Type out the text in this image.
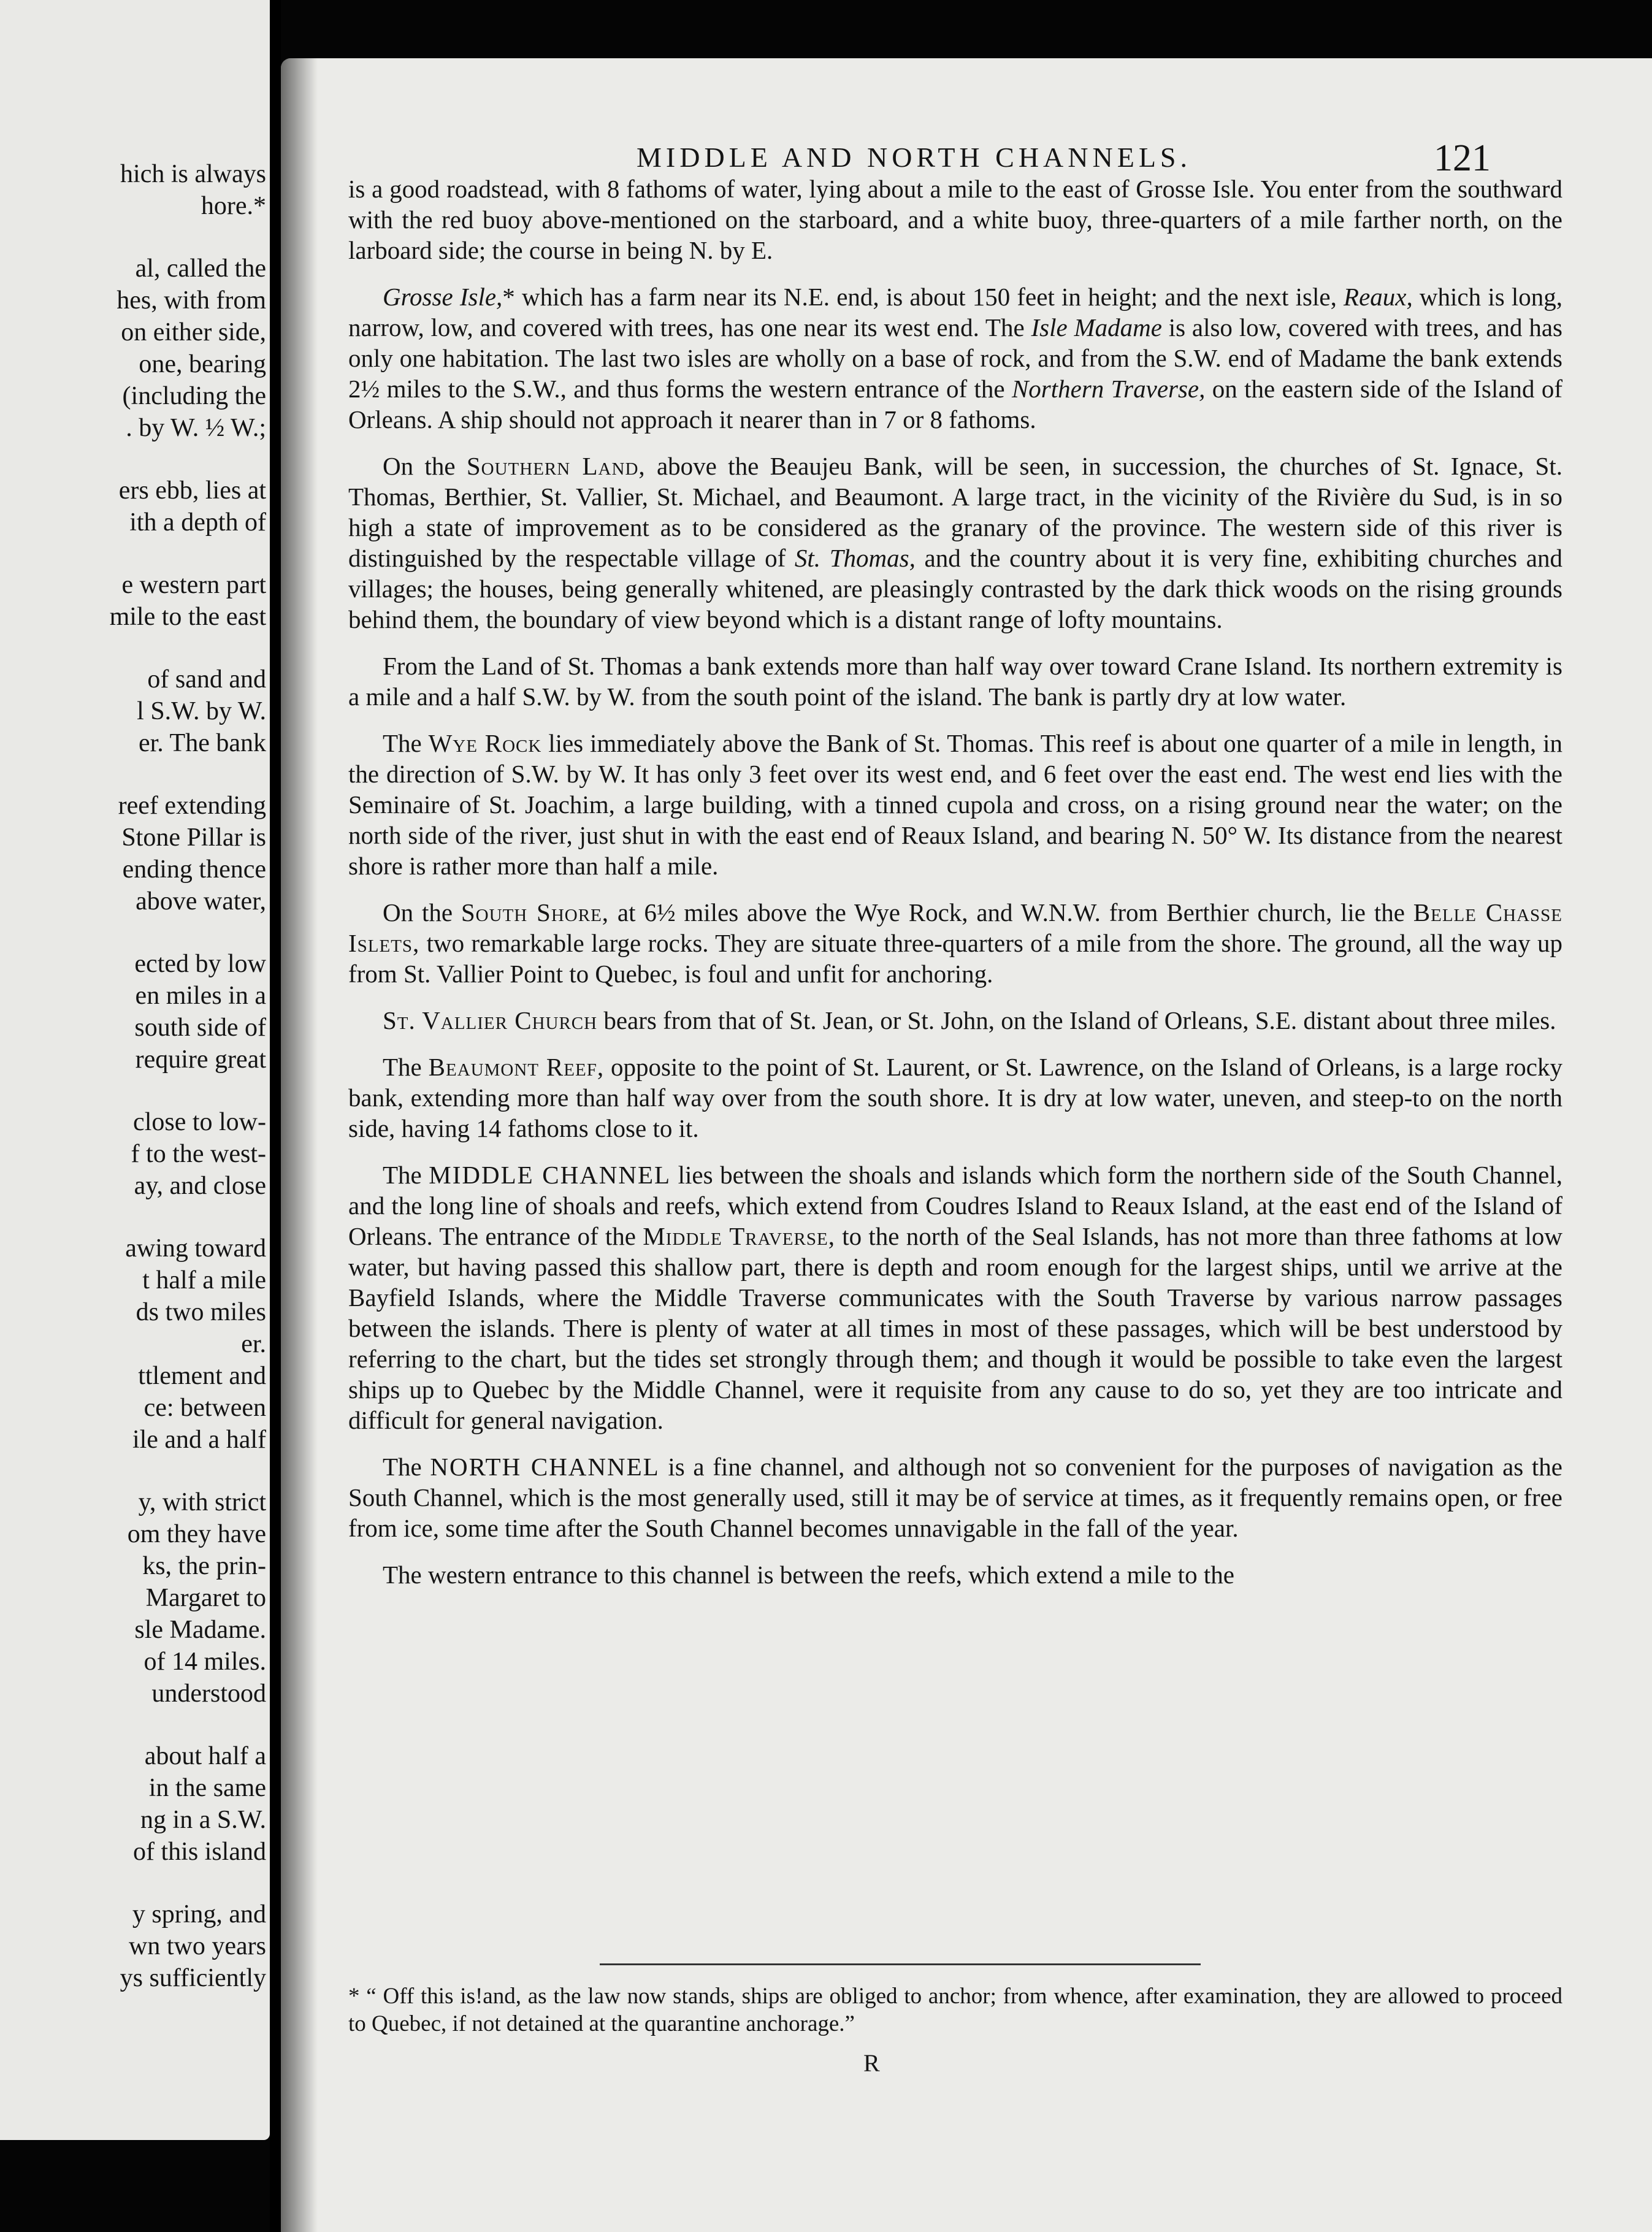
hich is always
hore.*
al, called the
hes, with from
on either side,
one, bearing
(including the
. by W. ½ W.;
ers ebb, lies at
ith a depth of
e western part
mile to the east
of sand and
l S.W. by W.
er. The bank
reef extending
Stone Pillar is
ending thence
above water,
ected by low
en miles in a
south side of
require great
close to low-
f to the west-
ay, and close
awing toward
t half a mile
ds two miles
er.
ttlement and
ce: between
ile and a half
y, with strict
om they have
ks, the prin-
Margaret to
sle Madame.
of 14 miles.
understood
about half a
in the same
ng in a S.W.
of this island
y spring, and
wn two years
ys sufficiently
MIDDLE AND NORTH CHANNELS.	121

is a good roadstead, with 8 fathoms of water, lying about a mile to the east of Grosse Isle. You enter from the southward with the red buoy above-mentioned on the starboard, and a white buoy, three-quarters of a mile farther north, on the larboard side; the course in being N. by E.

Grosse Isle,* which has a farm near its N.E. end, is about 150 feet in height; and the next isle, Reaux, which is long, narrow, low, and covered with trees, has one near its west end. The Isle Madame is also low, covered with trees, and has only one habitation. The last two isles are wholly on a base of rock, and from the S.W. end of Madame the bank extends 2½ miles to the S.W., and thus forms the western entrance of the Northern Traverse, on the eastern side of the Island of Orleans. A ship should not approach it nearer than in 7 or 8 fathoms.

On the Southern Land, above the Beaujeu Bank, will be seen, in succession, the churches of St. Ignace, St. Thomas, Berthier, St. Vallier, St. Michael, and Beaumont. A large tract, in the vicinity of the Rivière du Sud, is in so high a state of improvement as to be considered as the granary of the province. The western side of this river is distinguished by the respectable village of St. Thomas, and the country about it is very fine, exhibiting churches and villages; the houses, being generally whitened, are pleasingly contrasted by the dark thick woods on the rising grounds behind them, the boundary of view beyond which is a distant range of lofty mountains.

From the Land of St. Thomas a bank extends more than half way over toward Crane Island. Its northern extremity is a mile and a half S.W. by W. from the south point of the island. The bank is partly dry at low water.

The Wye Rock lies immediately above the Bank of St. Thomas. This reef is about one quarter of a mile in length, in the direction of S.W. by W. It has only 3 feet over its west end, and 6 feet over the east end. The west end lies with the Seminaire of St. Joachim, a large building, with a tinned cupola and cross, on a rising ground near the water; on the north side of the river, just shut in with the east end of Reaux Island, and bearing N. 50° W. Its distance from the nearest shore is rather more than half a mile.

On the South Shore, at 6½ miles above the Wye Rock, and W.N.W. from Berthier church, lie the Belle Chasse Islets, two remarkable large rocks. They are situate three-quarters of a mile from the shore. The ground, all the way up from St. Vallier Point to Quebec, is foul and unfit for anchoring.

St. Vallier Church bears from that of St. Jean, or St. John, on the Island of Orleans, S.E. distant about three miles.

The Beaumont Reef, opposite to the point of St. Laurent, or St. Lawrence, on the Island of Orleans, is a large rocky bank, extending more than half way over from the south shore. It is dry at low water, uneven, and steep-to on the north side, having 14 fathoms close to it.

The MIDDLE CHANNEL lies between the shoals and islands which form the northern side of the South Channel, and the long line of shoals and reefs, which extend from Coudres Island to Reaux Island, at the east end of the Island of Orleans. The entrance of the Middle Traverse, to the north of the Seal Islands, has not more than three fathoms at low water, but having passed this shallow part, there is depth and room enough for the largest ships, until we arrive at the Bayfield Islands, where the Middle Traverse communicates with the South Traverse by various narrow passages between the islands. There is plenty of water at all times in most of these passages, which will be best understood by referring to the chart, but the tides set strongly through them; and though it would be possible to take even the largest ships up to Quebec by the Middle Channel, were it requisite from any cause to do so, yet they are too intricate and difficult for general navigation.

The NORTH CHANNEL is a fine channel, and although not so convenient for the purposes of navigation as the South Channel, which is the most generally used, still it may be of service at times, as it frequently remains open, or free from ice, some time after the South Channel becomes unnavigable in the fall of the year.

The western entrance to this channel is between the reefs, which extend a mile to the

* “ Off this is!and, as the law now stands, ships are obliged to anchor; from whence, after examination, they are allowed to proceed to Quebec, if not detained at the quarantine anchorage.”
R
